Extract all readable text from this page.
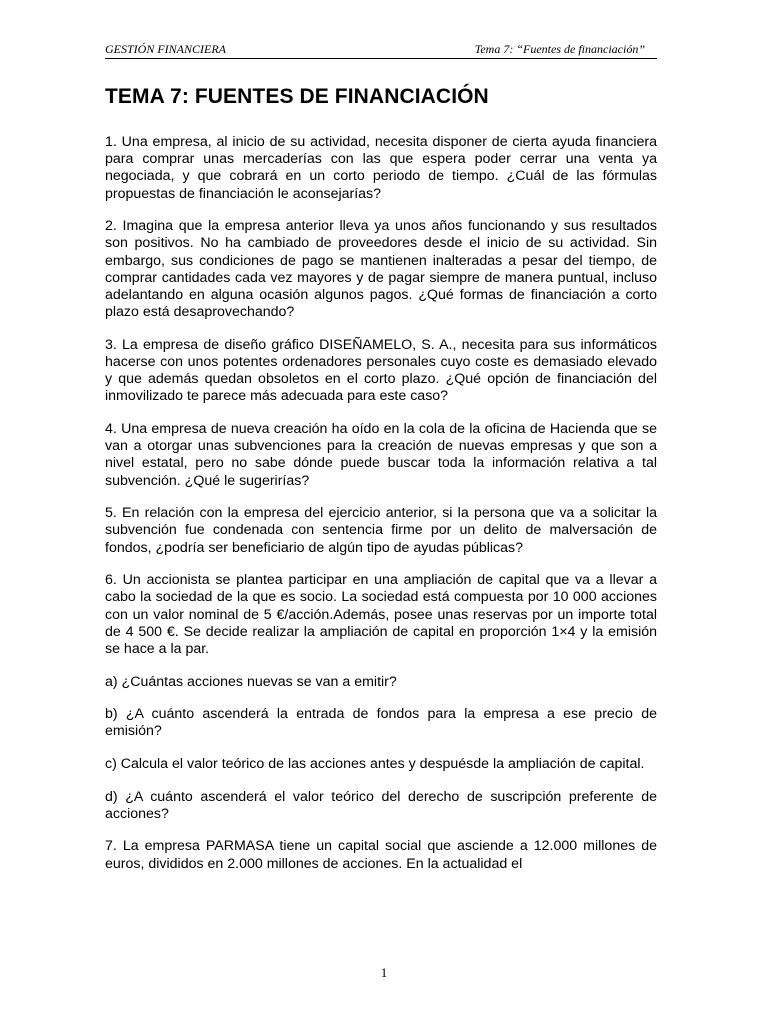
GESTIÓN FINANCIERA	Tema 7: “Fuentes de financiación”
TEMA 7: FUENTES DE FINANCIACIÓN

1. Una empresa, al inicio de su actividad, necesita disponer de cierta ayuda financiera para comprar unas mercaderías con las que espera poder cerrar una venta ya negociada, y que cobrará en un corto periodo de tiempo. ¿Cuál de las fórmulas propuestas de financiación le aconsejarías?

2. Imagina que la empresa anterior lleva ya unos años funcionando y sus resultados son positivos. No ha cambiado de proveedores desde el inicio de su actividad. Sin embargo, sus condiciones de pago se mantienen inalteradas a pesar del tiempo, de comprar cantidades cada vez mayores y de pagar siempre de manera puntual, incluso adelantando en alguna ocasión algunos pagos. ¿Qué formas de financiación a corto plazo está desaprovechando?

3. La empresa de diseño gráfico DISEÑAMELO, S. A., necesita para sus informáticos hacerse con unos potentes ordenadores personales cuyo coste es demasiado elevado y que además quedan obsoletos en el corto plazo. ¿Qué opción de financiación del inmovilizado te parece más adecuada para este caso?

4. Una empresa de nueva creación ha oído en la cola de la oficina de Hacienda que se van a otorgar unas subvenciones para la creación de nuevas empresas y que son a nivel estatal, pero no sabe dónde puede buscar toda la información relativa a tal subvención. ¿Qué le sugerirías?

5. En relación con la empresa del ejercicio anterior, si la persona que va a solicitar la subvención fue condenada con sentencia firme por un delito de malversación de fondos, ¿podría ser beneficiario de algún tipo de ayudas públicas?

6. Un accionista se plantea participar en una ampliación de capital que va a llevar a cabo la sociedad de la que es socio. La sociedad está compuesta por 10 000 acciones con un valor nominal de 5 €/acción.Además, posee unas reservas por un importe total de 4 500 €. Se decide realizar la ampliación de capital en proporción 1×4 y la emisión se hace a la par.

a) ¿Cuántas acciones nuevas se van a emitir?

b) ¿A cuánto ascenderá la entrada de fondos para la empresa a ese precio de emisión?

c) Calcula el valor teórico de las acciones antes y despuésde la ampliación de capital.

d) ¿A cuánto ascenderá el valor teórico del derecho de suscripción preferente de acciones?

7. La empresa PARMASA tiene un capital social que asciende a 12.000 millones de euros, divididos en 2.000 millones de acciones. En la actualidad el

1
